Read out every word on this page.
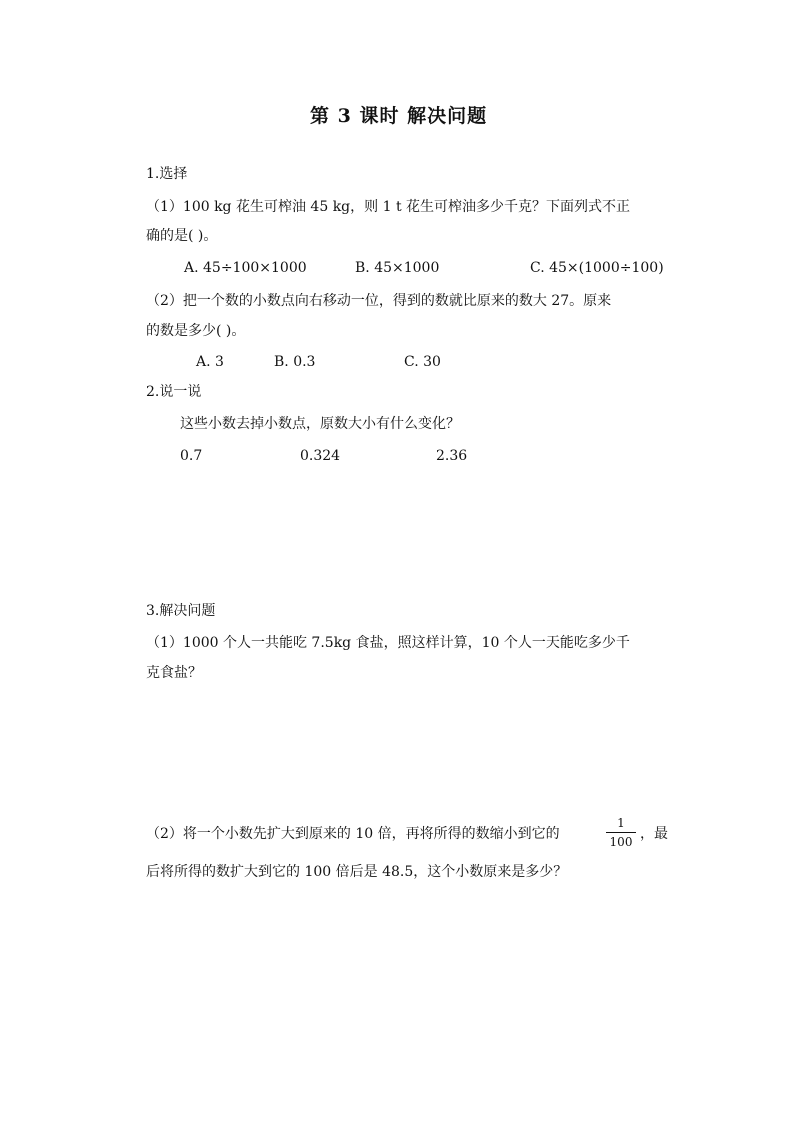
第 3 课时 解决问题
1.选择
（1）100 kg 花生可榨油 45 kg，则 1 t 花生可榨油多少千克？下面列式不正
确的是( )。
A. 45÷100×1000	B. 45×1000	C. 45×(1000÷100)
（2）把一个数的小数点向右移动一位，得到的数就比原来的数大 27。原来
的数是多少( )。
A. 3	B. 0.3	C. 30
2.说一说
这些小数去掉小数点，原数大小有什么变化？
0.7	0.324	2.36
3.解决问题
（1）1000 个人一共能吃 7.5kg 食盐，照这样计算，10 个人一天能吃多少千
克食盐？
（2）将一个小数先扩大到原来的 10 倍，再将所得的数缩小到它的
1
100 ，最
后将所得的数扩大到它的 100 倍后是 48.5，这个小数原来是多少？
